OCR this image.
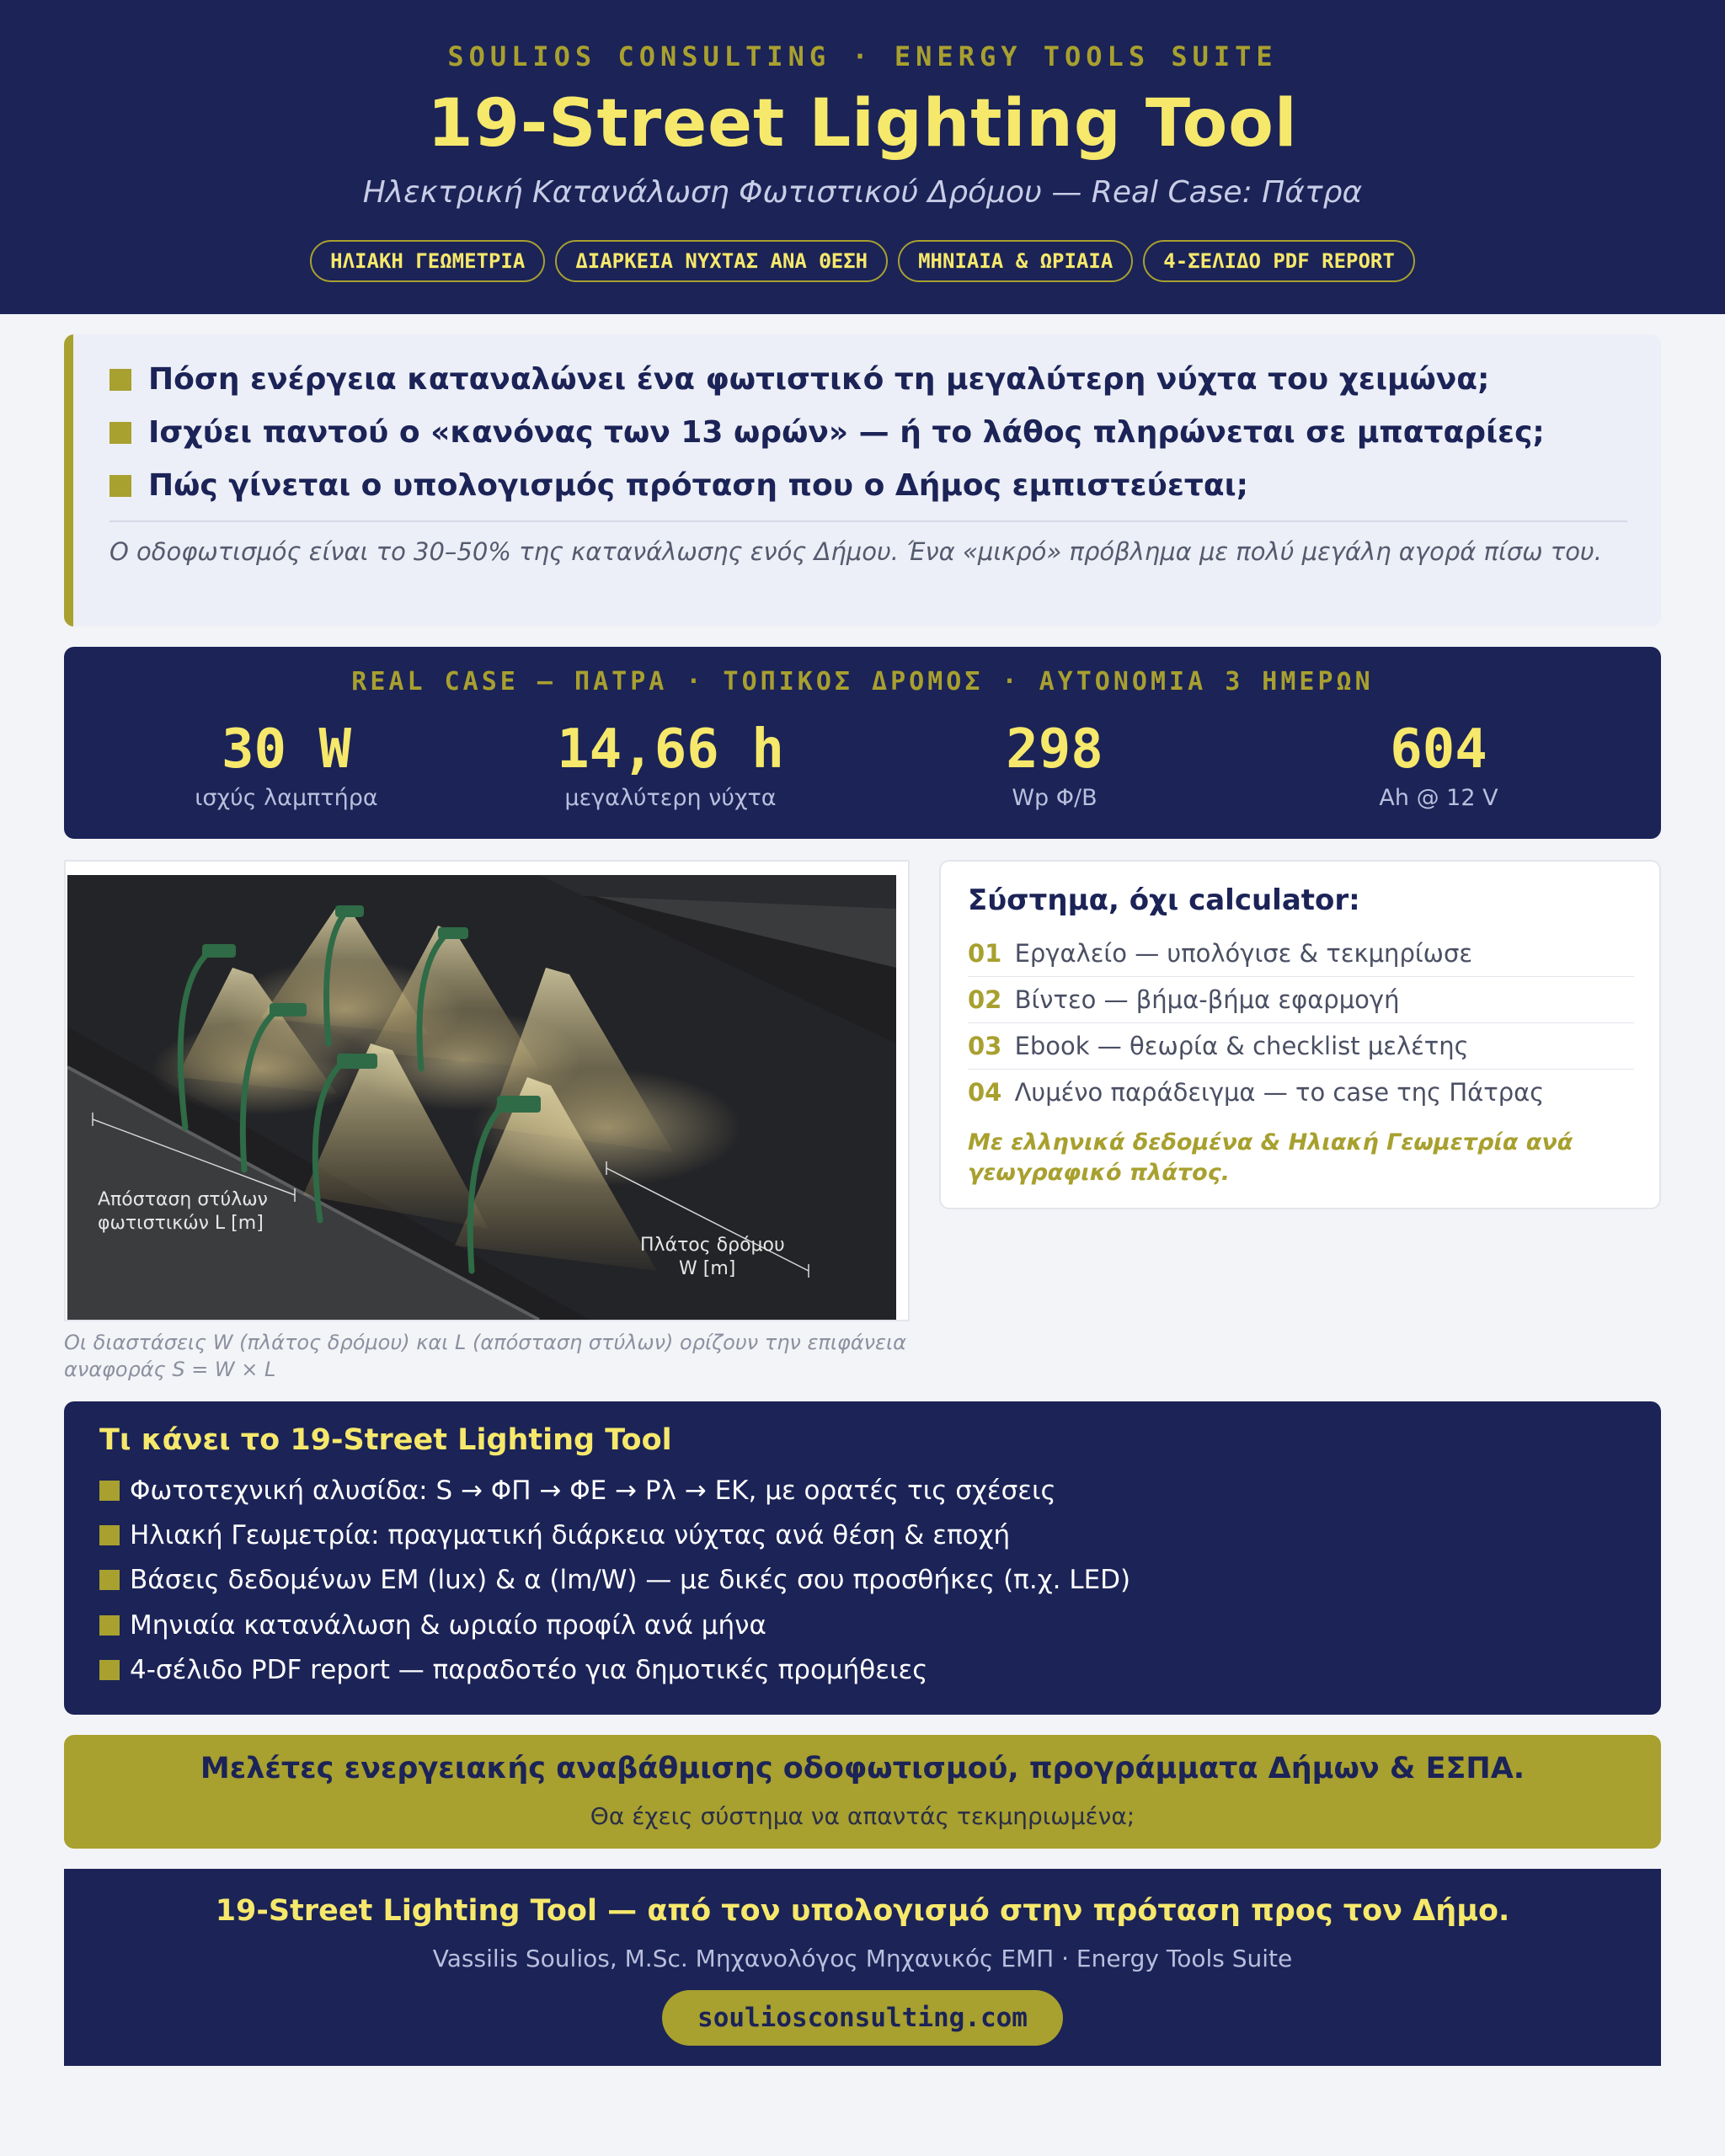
SOULIOS CONSULTING · ENERGY TOOLS SUITE
19-Street Lighting Tool
Ηλεκτρική Κατανάλωση Φωτιστικού Δρόμου — Real Case: Πάτρα
ΗΛΙΑΚΗ ΓΕΩΜΕΤΡΙΑ	ΔΙΑΡΚΕΙΑ ΝΥΧΤΑΣ ΑΝΑ ΘΕΣΗ	ΜΗΝΙΑΙΑ & ΩΡΙΑΙΑ	4-ΣΕΛΙΔΟ PDF REPORT
Πόση ενέργεια καταναλώνει ένα φωτιστικό τη μεγαλύτερη νύχτα του χειμώνα;
Ισχύει παντού ο «κανόνας των 13 ωρών» — ή το λάθος πληρώνεται σε μπαταρίες;
Πώς γίνεται ο υπολογισμός πρόταση που ο Δήμος εμπιστεύεται;
Ο οδοφωτισμός είναι το 30–50% της κατανάλωσης ενός Δήμου. Ένα «μικρό» πρόβλημα με πολύ μεγάλη αγορά πίσω του.
REAL CASE — ΠΑΤΡΑ · ΤΟΠΙΚΟΣ ΔΡΟΜΟΣ · ΑΥΤΟΝΟΜΙΑ 3 ΗΜΕΡΩΝ
30 W
ισχύς λαμπτήρα
14,66 h
μεγαλύτερη νύχτα
298
Wp Φ/Β
604
Ah @ 12 V
Απόσταση στύλων
φωτιστικών L [m]
Πλάτος δρόμου
W [m]
Οι διαστάσεις W (πλάτος δρόμου) και L (απόσταση στύλων) ορίζουν την επιφάνεια αναφοράς S = W × L
Σύστημα, όχι calculator:
01 Εργαλείο — υπολόγισε & τεκμηρίωσε
02 Βίντεο — βήμα-βήμα εφαρμογή
03 Ebook — θεωρία & checklist μελέτης
04 Λυμένο παράδειγμα — το case της Πάτρας
Με ελληνικά δεδομένα & Ηλιακή Γεωμετρία ανά γεωγραφικό πλάτος.
Τι κάνει το 19-Street Lighting Tool
Φωτοτεχνική αλυσίδα: S → ΦΠ → ΦΕ → Ρλ → ΕΚ, με ορατές τις σχέσεις
Ηλιακή Γεωμετρία: πραγματική διάρκεια νύχτας ανά θέση & εποχή
Βάσεις δεδομένων ΕΜ (lux) & α (lm/W) — με δικές σου προσθήκες (π.χ. LED)
Μηνιαία κατανάλωση & ωριαίο προφίλ ανά μήνα
4-σέλιδο PDF report — παραδοτέο για δημοτικές προμήθειες
Μελέτες ενεργειακής αναβάθμισης οδοφωτισμού, προγράμματα Δήμων & ΕΣΠΑ.
Θα έχεις σύστημα να απαντάς τεκμηριωμένα;
19-Street Lighting Tool — από τον υπολογισμό στην πρόταση προς τον Δήμο.
Vassilis Soulios, M.Sc. Μηχανολόγος Μηχανικός ΕΜΠ · Energy Tools Suite
souliosconsulting.com
